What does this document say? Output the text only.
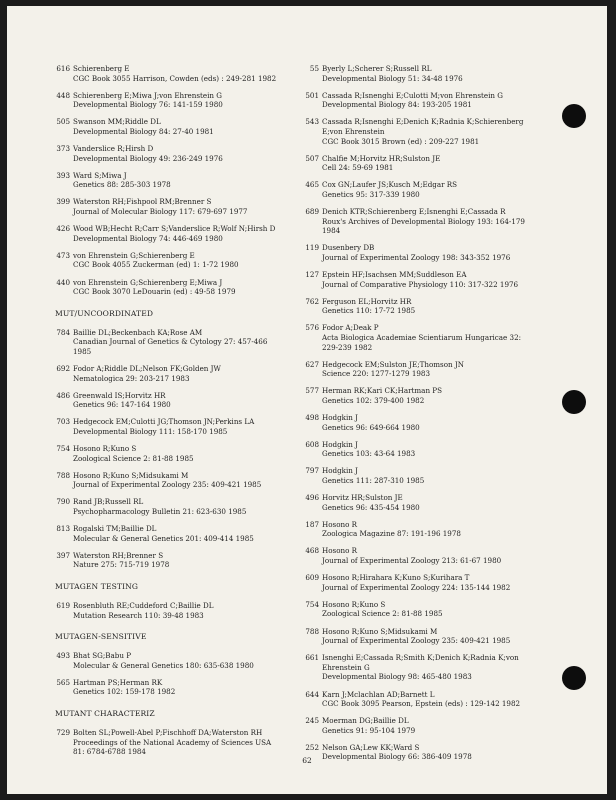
616 Schierenberg E
CGC Book 3055 Harrison, Cowden (eds) : 249-281 1982
448 Schierenberg E;Miwa J;von Ehrenstein G
Developmental Biology 76: 141-159 1980
505 Swanson MM;Riddle DL
Developmental Biology 84: 27-40 1981
373 Vanderslice R;Hirsh D
Developmental Biology 49: 236-249 1976
393 Ward S;Miwa J
Genetics 88: 285-303 1978
399 Waterston RH;Fishpool RM;Brenner S
Journal of Molecular Biology 117: 679-697 1977
426 Wood WB;Hecht R;Carr S;Vanderslice R;Wolf N;Hirsh D
Developmental Biology 74: 446-469 1980
473 von Ehrenstein G;Schierenberg E
CGC Book 4055 Zuckerman (ed) 1: 1-72 1980
440 von Ehrenstein G;Schierenberg E;Miwa J
CGC Book 3070 LeDouarin (ed) : 49-58 1979
MUT/UNCOORDINATED
784 Baillie DL;Beckenbach KA;Rose AM
Canadian Journal of Genetics & Cytology 27: 457-466
1985
692 Fodor A;Riddle DL;Nelson FK;Golden JW
Nematologica 29: 203-217 1983
486 Greenwald IS;Horvitz HR
Genetics 96: 147-164 1980
703 Hedgecock EM;Culotti JG;Thomson JN;Perkins LA
Developmental Biology 111: 158-170 1985
754 Hosono R;Kuno S
Zoological Science 2: 81-88 1985
788 Hosono R;Kuno S;Midsukami M
Journal of Experimental Zoology 235: 409-421 1985
790 Rand JB;Russell RL
Psychopharmacology Bulletin 21: 623-630 1985
813 Rogalski TM;Baillie DL
Molecular & General Genetics 201: 409-414 1985
397 Waterston RH;Brenner S
Nature 275: 715-719 1978
MUTAGEN TESTING
619 Rosenbluth RE;Cuddeford C;Baillie DL
Mutation Research 110: 39-48 1983
MUTAGEN-SENSITIVE
493 Bhat SG;Babu P
Molecular & General Genetics 180: 635-638 1980
565 Hartman PS;Herman RK
Genetics 102: 159-178 1982
MUTANT CHARACTERIZ
729 Bolten SL;Powell-Abel P;Fischhoff DA;Waterston RH
Proceedings of the National Academy of Sciences USA
81: 6784-6788 1984
55 Byerly L;Scherer S;Russell RL
Developmental Biology 51: 34-48 1976
501 Cassada R;Isnenghi E;Culotti M;von Ehrenstein G
Developmental Biology 84: 193-205 1981
543 Cassada R;Isnenghi E;Denich K;Radnia K;Schierenberg
E;von Ehrenstein
CGC Book 3015 Brown (ed) : 209-227 1981
507 Chalfie M;Horvitz HR;Sulston JE
Cell 24: 59-69 1981
465 Cox GN;Laufer JS;Kusch M;Edgar RS
Genetics 95: 317-339 1980
689 Denich KTR;Schierenberg E;Isnenghi E;Cassada R
Roux's Archives of Developmental Biology 193: 164-179
1984
119 Dusenbery DB
Journal of Experimental Zoology 198: 343-352 1976
127 Epstein HF;Isachsen MM;Suddleson EA
Journal of Comparative Physiology 110: 317-322 1976
762 Ferguson EL;Horvitz HR
Genetics 110: 17-72 1985
576 Fodor A;Deak P
Acta Biologica Academiae Scientiarum Hungaricae 32:
229-239 1982
627 Hedgecock EM;Sulston JE;Thomson JN
Science 220: 1277-1279 1983
577 Herman RK;Kari CK;Hartman PS
Genetics 102: 379-400 1982
498 Hodgkin J
Genetics 96: 649-664 1980
608 Hodgkin J
Genetics 103: 43-64 1983
797 Hodgkin J
Genetics 111: 287-310 1985
496 Horvitz HR;Sulston JE
Genetics 96: 435-454 1980
187 Hosono R
Zoologica Magazine 87: 191-196 1978
468 Hosono R
Journal of Experimental Zoology 213: 61-67 1980
609 Hosono R;Hirahara K;Kuno S;Kurihara T
Journal of Experimental Zoology 224: 135-144 1982
754 Hosono R;Kuno S
Zoological Science 2: 81-88 1985
788 Hosono R;Kuno S;Midsukami M
Journal of Experimental Zoology 235: 409-421 1985
661 Isnenghi E;Cassada R;Smith K;Denich K;Radnia K;von
Ehrenstein G
Developmental Biology 98: 465-480 1983
644 Karn J;Mclachlan AD;Barnett L
CGC Book 3095 Pearson, Epstein (eds) : 129-142 1982
245 Moerman DG;Baillie DL
Genetics 91: 95-104 1979
252 Nelson GA;Lew KK;Ward S
Developmental Biology 66: 386-409 1978
62
